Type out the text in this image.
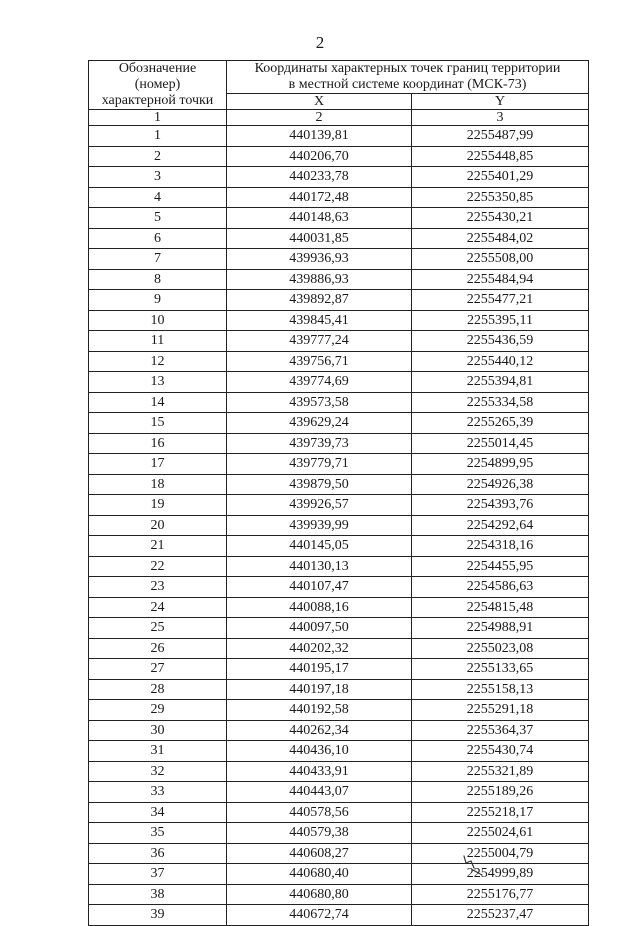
2
Обозначение
(номер)
характерной точки	Координаты характерных точек границ территории
в местной системе координат (МСК-73)	

	X	Y
1	2	3
1	440139,81	2255487,99
2	440206,70	2255448,85
3	440233,78	2255401,29
4	440172,48	2255350,85
5	440148,63	2255430,21
6	440031,85	2255484,02
7	439936,93	2255508,00
8	439886,93	2255484,94
9	439892,87	2255477,21
10	439845,41	2255395,11
11	439777,24	2255436,59
12	439756,71	2255440,12
13	439774,69	2255394,81
14	439573,58	2255334,58
15	439629,24	2255265,39
16	439739,73	2255014,45
17	439779,71	2254899,95
18	439879,50	2254926,38
19	439926,57	2254393,76
20	439939,99	2254292,64
21	440145,05	2254318,16
22	440130,13	2254455,95
23	440107,47	2254586,63
24	440088,16	2254815,48
25	440097,50	2254988,91
26	440202,32	2255023,08
27	440195,17	2255133,65
28	440197,18	2255158,13
29	440192,58	2255291,18
30	440262,34	2255364,37
31	440436,10	2255430,74
32	440433,91	2255321,89
33	440443,07	2255189,26
34	440578,56	2255218,17
35	440579,38	2255024,61
36	440608,27	2255004,79
37	440680,40	2254999,89
38	440680,80	2255176,77
39	440672,74	2255237,47
